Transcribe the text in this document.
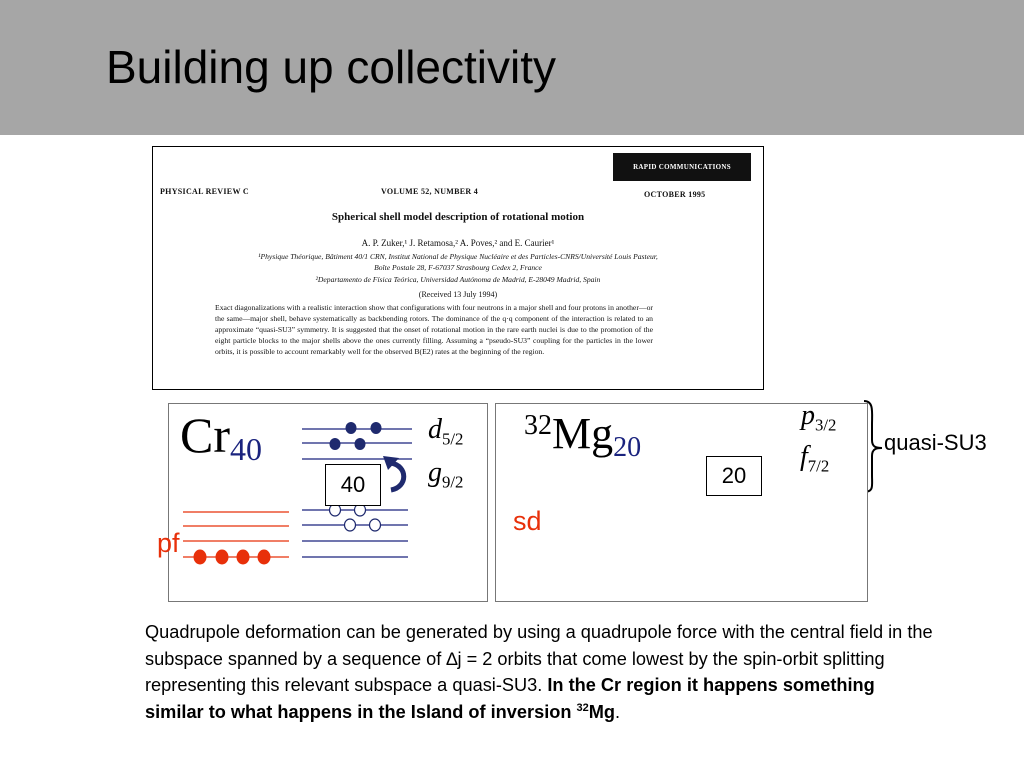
Building up collectivity
RAPID COMMUNICATIONS
PHYSICAL REVIEW C	VOLUME 52, NUMBER 4	OCTOBER 1995
Spherical shell model description of rotational motion
A. P. Zuker,¹ J. Retamosa,² A. Poves,² and E. Caurier¹
¹Physique Théorique, Bâtiment 40/1 CRN, Institut National de Physique Nucléaire et des Particles-CNRS/Université Louis Pasteur,
Boîte Postale 28, F-67037 Strasbourg Cedex 2, France
²Departamento de Física Teórica, Universidad Autónoma de Madrid, E-28049 Madrid, Spain
(Received 13 July 1994)
Exact diagonalizations with a realistic interaction show that configurations with four neutrons in a major shell and four protons in another—or the same—major shell, behave systematically as backbending rotors. The dominance of the q·q component of the interaction is related to an approximate “quasi-SU3” symmetry. It is suggested that the onset of rotational motion in the rare earth nuclei is due to the promotion of the eight particle blocks to the major shells above the ones currently filling. Assuming a “pseudo-SU3” coupling for the particles in the lower orbits, it is possible to account remarkably well for the observed B(E2) rates at the beginning of the region.
$Cr_{40}$
$d_{5/2}$
$g_{9/2}$
40
pf
$^{32}Mg_{20}$
$p_{3/2}$
$f_{7/2}$
20
sd
quasi-SU3
Quadrupole deformation can be generated by using a quadrupole force with the central field in the subspace spanned by a sequence of ∆j = 2 orbits that come lowest by the spin-orbit splitting representing this relevant subspace a quasi-SU3. In the Cr region it happens something similar to what happens in the Island of inversion $^{32}$Mg.
